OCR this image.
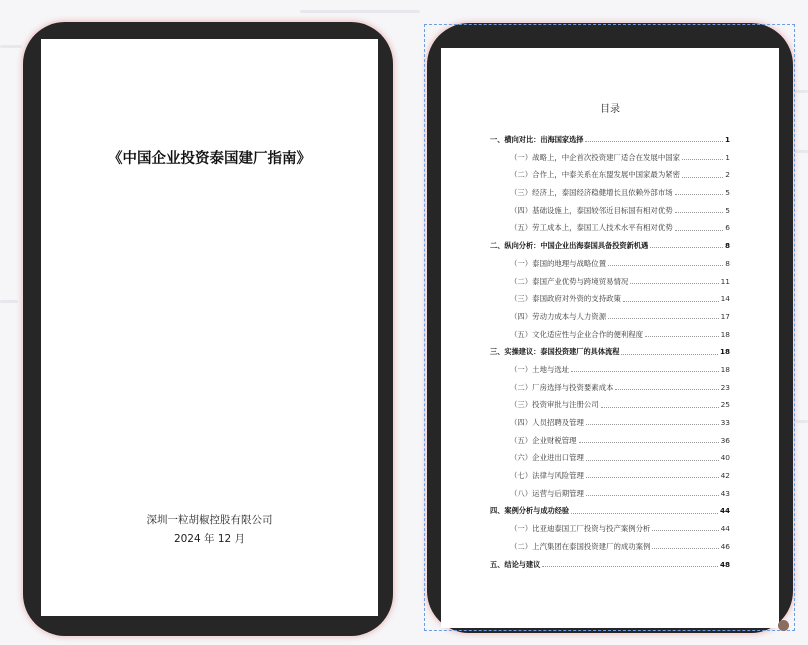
《中国企业投资泰国建厂指南》
深圳一粒胡椒控股有限公司
2024 年 12 月
目录
一、横向对比：出海国家选择	1
（一）战略上，中企首次投资建厂适合在发展中国家	1
（二）合作上，中泰关系在东盟发展中国家最为紧密	2
（三）经济上，泰国经济稳健增长且依赖外部市场	5
（四）基础设施上，泰国较邻近目标国有相对优势	5
（五）劳工成本上，泰国工人技术水平有相对优势	6
二、纵向分析：中国企业出海泰国具备投资新机遇	8
（一）泰国的地理与战略位置	8
（二）泰国产业优势与跨境贸易情况	11
（三）泰国政府对外资的支持政策	14
（四）劳动力成本与人力资源	17
（五）文化适应性与企业合作的便利程度	18
三、实操建议：泰国投资建厂的具体流程	18
（一）土地与选址	18
（二）厂房选择与投资要素成本	23
（三）投资审批与注册公司	25
（四）人员招聘及管理	33
（五）企业财税管理	36
（六）企业进出口管理	40
（七）法律与风险管理	42
（八）运营与后期管理	43
四、案例分析与成功经验	44
（一）比亚迪泰国工厂投资与投产案例分析	44
（二）上汽集团在泰国投资建厂的成功案例	46
五、结论与建议	48
